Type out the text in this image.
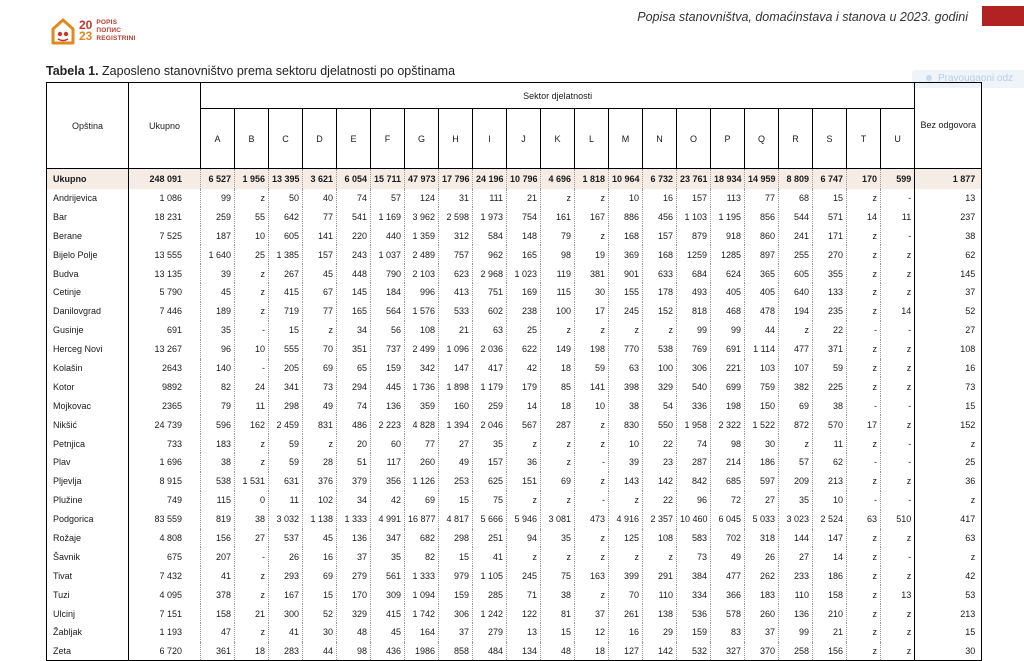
20
23
POPIS
ПОПИС
REGISTRINI
Popisa stanovništva, domaćinstava i stanova u 2023. godini
Pravougaoni odz
Tabela 1. Zaposleno stanovništvo prema sektoru djelatnosti po opštinama
Opština	Ukupno	Sektor djelatnosti																					Bez odgovora
		A	B	C	D	E	F	G	H	I	J	K	L	M	N	O	P	Q	R	S	T	U	
Ukupno	248 091	6 527	1 956	13 395	3 621	6 054	15 711	47 973	17 796	24 196	10 796	4 696	1 818	10 964	6 732	23 761	18 934	14 959	8 809	6 747	170	599	1 877
Andrijevica	1 086	99	z	50	40	74	57	124	31	111	21	z	z	10	16	157	113	77	68	15	z	-	13
Bar	18 231	259	55	642	77	541	1 169	3 962	2 598	1 973	754	161	167	886	456	1 103	1 195	856	544	571	14	11	237
Berane	7 525	187	10	605	141	220	440	1 359	312	584	148	79	z	168	157	879	918	860	241	171	z	-	38
Bijelo Polje	13 555	1 640	25	1 385	157	243	1 037	2 489	757	962	165	98	19	369	168	1259	1285	897	255	270	z	z	62
Budva	13 135	39	z	267	45	448	790	2 103	623	2 968	1 023	119	381	901	633	684	624	365	605	355	z	z	145
Cetinje	5 790	45	z	415	67	145	184	996	413	751	169	115	30	155	178	493	405	405	640	133	z	z	37
Danilovgrad	7 446	189	z	719	77	165	564	1 576	533	602	238	100	17	245	152	818	468	478	194	235	z	14	52
Gusinje	691	35	-	15	z	34	56	108	21	63	25	z	z	z	z	99	99	44	z	22	-	-	27
Herceg Novi	13 267	96	10	555	70	351	737	2 499	1 096	2 036	622	149	198	770	538	769	691	1 114	477	371	z	z	108
Kolašin	2643	140	-	205	69	65	159	342	147	417	42	18	59	63	100	306	221	103	107	59	z	z	16
Kotor	9892	82	24	341	73	294	445	1 736	1 898	1 179	179	85	141	398	329	540	699	759	382	225	z	z	73
Mojkovac	2365	79	11	298	49	74	136	359	160	259	14	18	10	38	54	336	198	150	69	38	-	-	15
Nikšić	24 739	596	162	2 459	831	486	2 223	4 828	1 394	2 046	567	287	z	830	550	1 958	2 322	1 522	872	570	17	z	152
Petnjica	733	183	z	59	z	20	60	77	27	35	z	z	z	10	22	74	98	30	z	11	z	-	z
Plav	1 696	38	z	59	28	51	117	260	49	157	36	z	-	39	23	287	214	186	57	62	-	-	25
Pljevlja	8 915	538	1 531	631	376	379	356	1 126	253	625	151	69	z	143	142	842	685	597	209	213	z	z	36
Plužine	749	115	0	11	102	34	42	69	15	75	z	z	-	z	22	96	72	27	35	10	-	-	z
Podgorica	83 559	819	38	3 032	1 138	1 333	4 991	16 877	4 817	5 666	5 946	3 081	473	4 916	2 357	10 460	6 045	5 033	3 023	2 524	63	510	417
Rožaje	4 808	156	27	537	45	136	347	682	298	251	94	35	z	125	108	583	702	318	144	147	z	z	63
Šavnik	675	207	-	26	16	37	35	82	15	41	z	z	z	z	z	73	49	26	27	14	z	-	z
Tivat	7 432	41	z	293	69	279	561	1 333	979	1 105	245	75	163	399	291	384	477	262	233	186	z	z	42
Tuzi	4 095	378	z	167	15	170	309	1 094	159	285	71	38	z	70	110	334	366	183	110	158	z	13	53
Ulcinj	7 151	158	21	300	52	329	415	1 742	306	1 242	122	81	37	261	138	536	578	260	136	210	z	z	213
Žabljak	1 193	47	z	41	30	48	45	164	37	279	13	15	12	16	29	159	83	37	99	21	z	z	15
Zeta	6 720	361	18	283	44	98	436	1986	858	484	134	48	18	127	142	532	327	370	258	156	z	z	30
